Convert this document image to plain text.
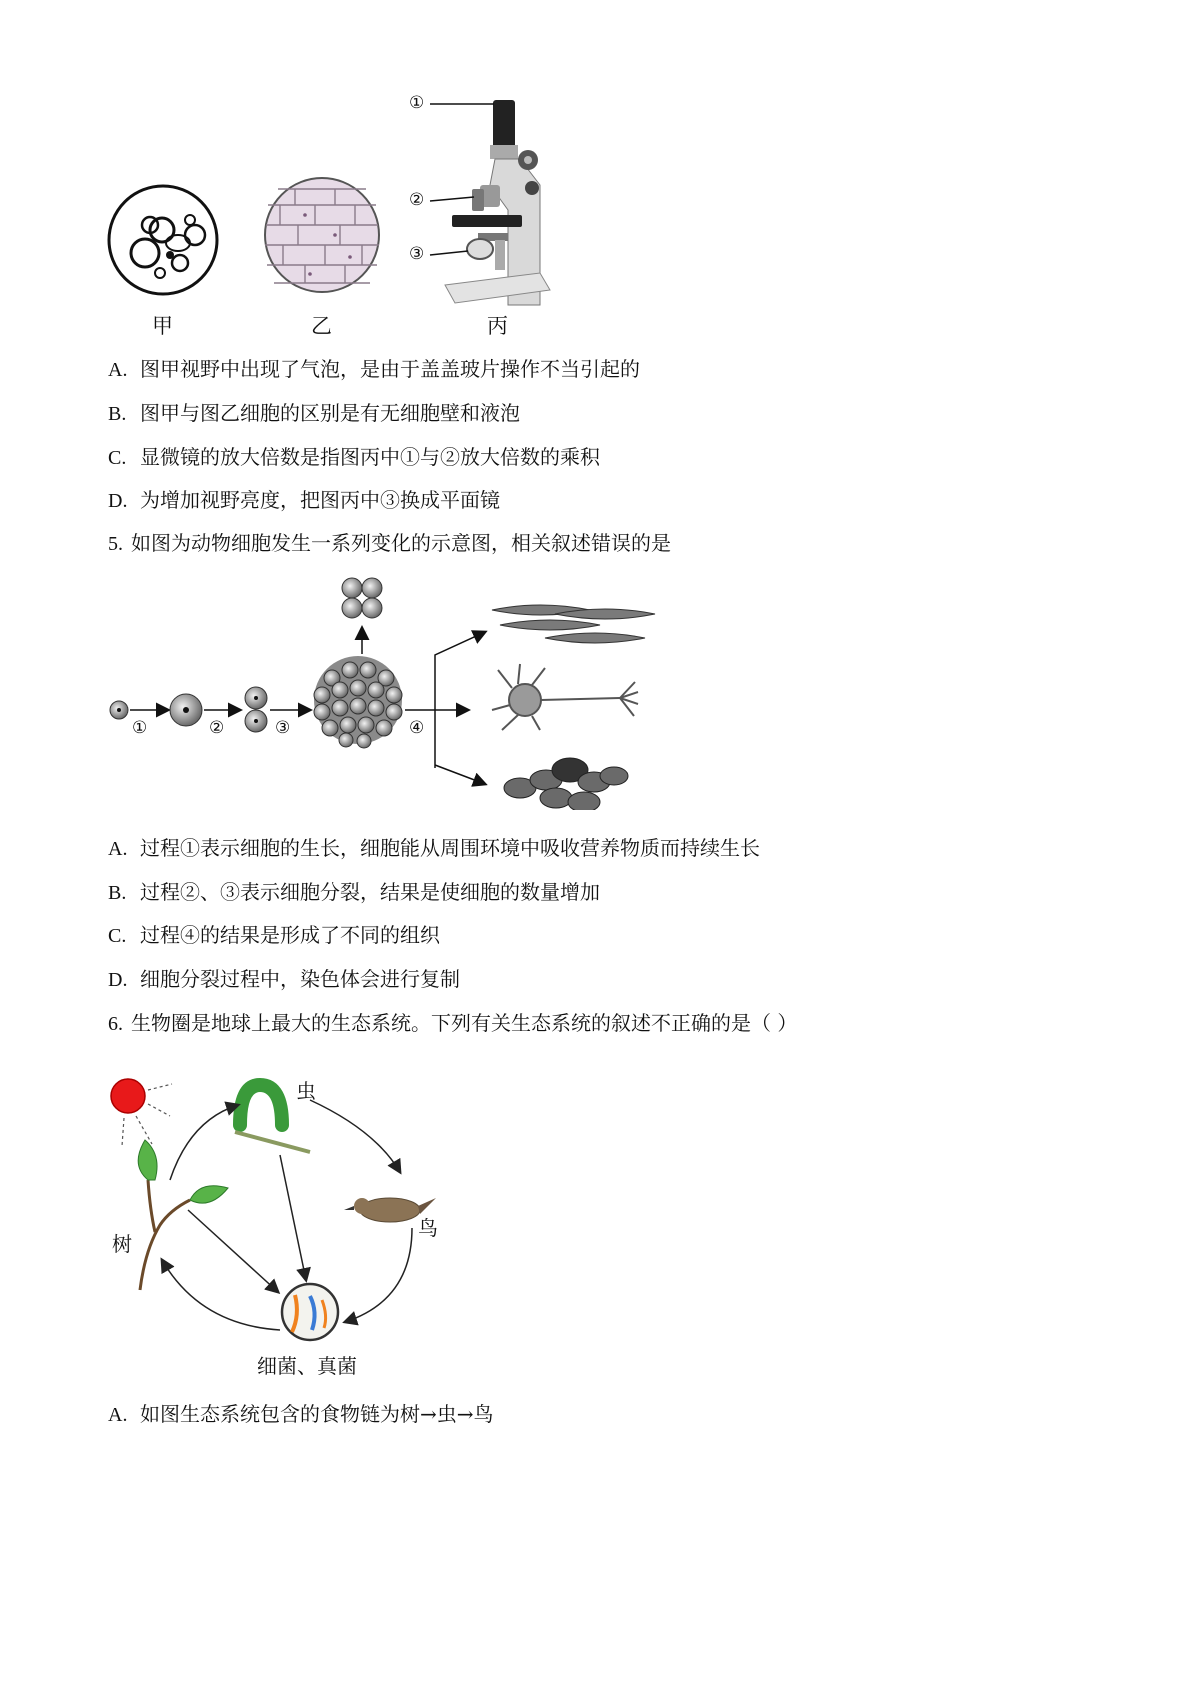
①
②
③
甲	乙	丙
A. 图甲视野中出现了气泡，是由于盖盖玻片操作不当引起的
B. 图甲与图乙细胞的区别是有无细胞壁和液泡
C. 显微镜的放大倍数是指图丙中①与②放大倍数的乘积
D. 为增加视野亮度，把图丙中③换成平面镜
5. 如图为动物细胞发生一系列变化的示意图，相关叙述错误的是
①	②	③	④
A. 过程①表示细胞的生长，细胞能从周围环境中吸收营养物质而持续生长
B. 过程②、③表示细胞分裂，结果是使细胞的数量增加
C. 过程④的结果是形成了不同的组织
D. 细胞分裂过程中，染色体会进行复制
6. 生物圈是地球上最大的生态系统。下列有关生态系统的叙述不正确的是（ ）
虫
鸟
树
细菌、真菌
A. 如图生态系统包含的食物链为树→虫→鸟
